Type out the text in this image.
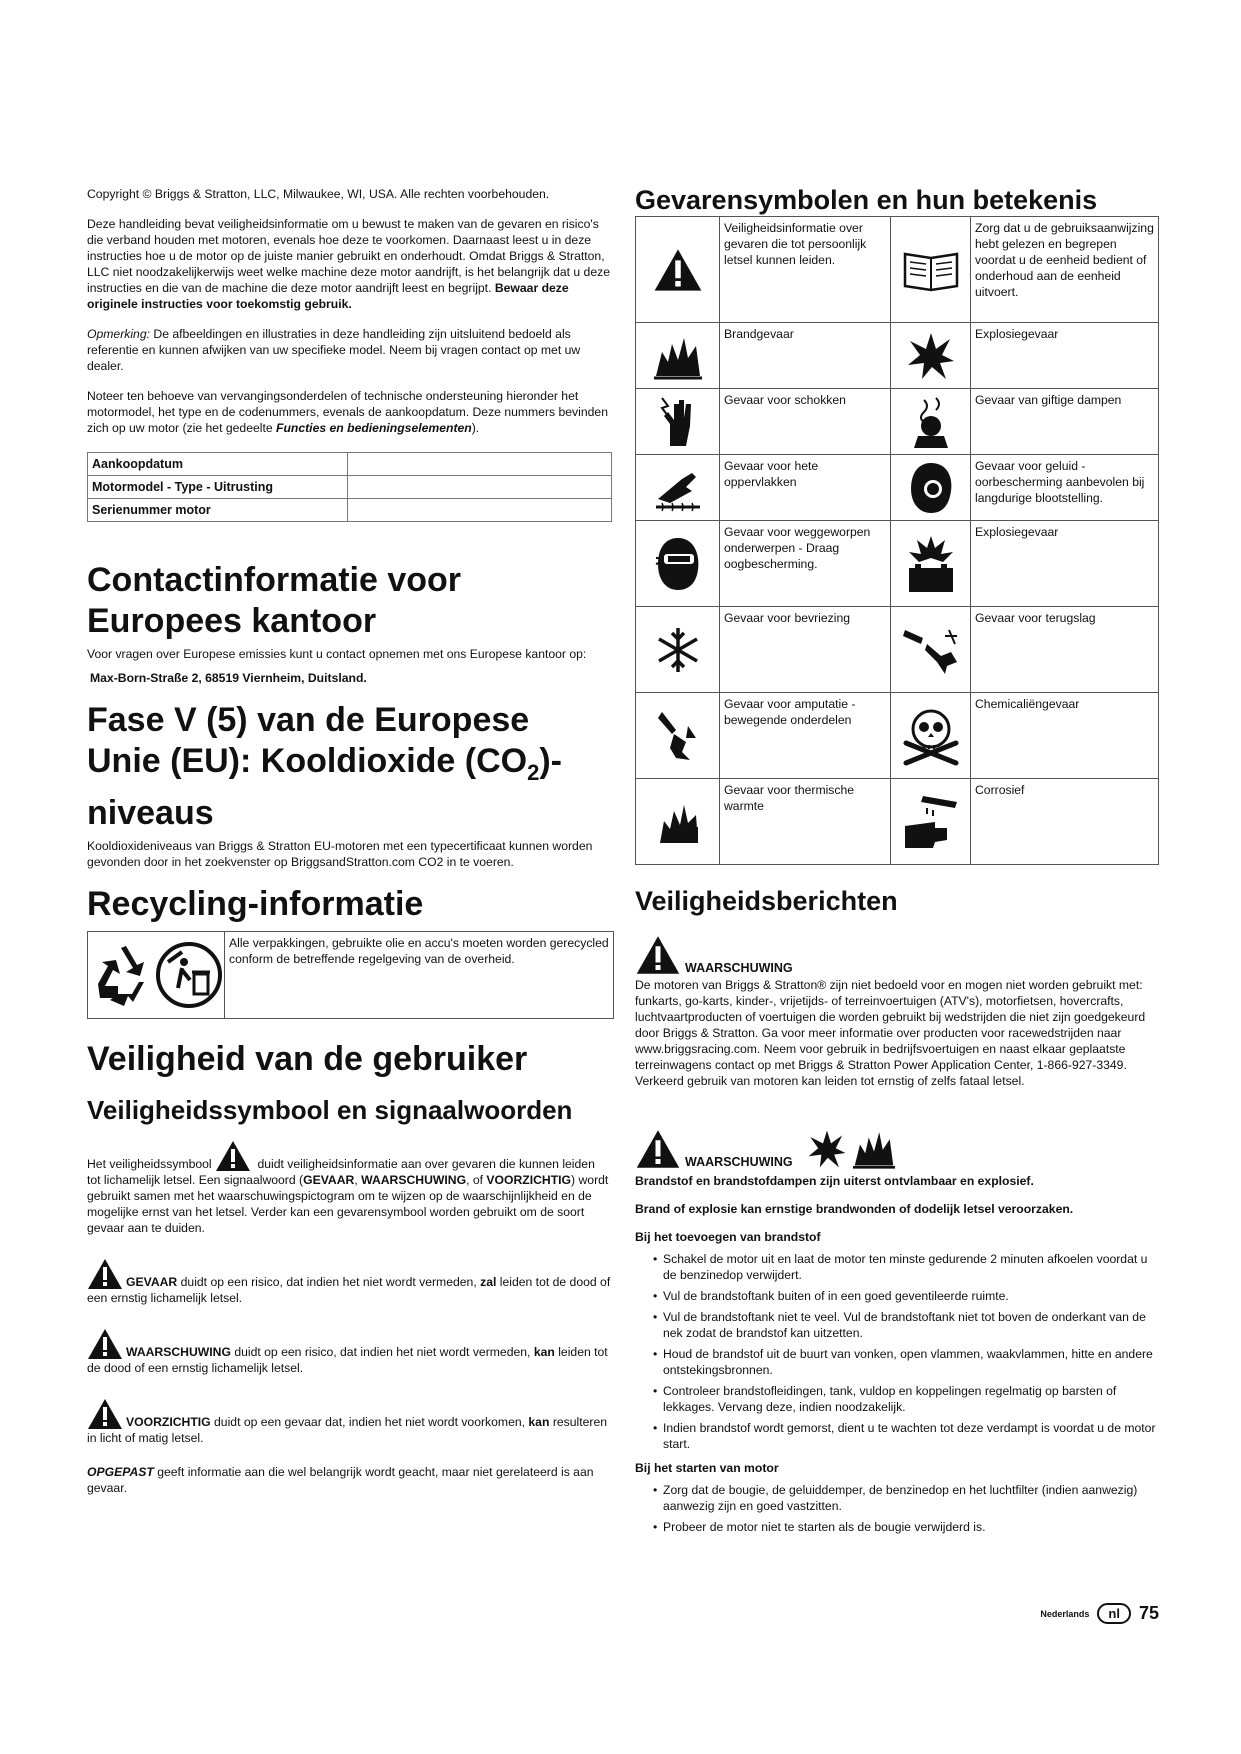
Copyright © Briggs & Stratton, LLC, Milwaukee, WI, USA. Alle rechten voorbehouden.

Deze handleiding bevat veiligheidsinformatie om u bewust te maken van de gevaren en risico's die verband houden met motoren, evenals hoe deze te voorkomen. Daarnaast leest u in deze instructies hoe u de motor op de juiste manier gebruikt en onderhoudt. Omdat Briggs & Stratton, LLC niet noodzakelijkerwijs weet welke machine deze motor aandrijft, is het belangrijk dat u deze instructies en die van de machine die deze motor aandrijft leest en begrijpt. Bewaar deze originele instructies voor toekomstig gebruik.

Opmerking: De afbeeldingen en illustraties in deze handleiding zijn uitsluitend bedoeld als referentie en kunnen afwijken van uw specifieke model. Neem bij vragen contact op met uw dealer.

Noteer ten behoeve van vervangingsonderdelen of technische ondersteuning hieronder het motormodel, het type en de codenummers, evenals de aankoopdatum. Deze nummers bevinden zich op uw motor (zie het gedeelte Functies en bedieningselementen).

Aankoopdatum	
Motormodel - Type - Uitrusting	
Serienummer motor	
Contactinformatie voor Europees kantoor

Voor vragen over Europese emissies kunt u contact opnemen met ons Europese kantoor op:

Max-Born-Straße 2, 68519 Viernheim, Duitsland.

Fase V (5) van de Europese Unie (EU): Kooldioxide $(CO_2)$-niveaus

Kooldioxideniveaus van Briggs & Stratton EU-motoren met een typecertificaat kunnen worden gevonden door in het zoekvenster op BriggsandStratton.com CO2 in te voeren.

Recycling-informatie
Alle verpakkingen, gebruikte olie en accu's moeten worden gerecycled conform de betreffende regelgeving van de overheid.
Veiligheid van de gebruiker
Veiligheidssymbool en signaalwoorden

Het veiligheidssymbool	duidt veiligheidsinformatie aan over gevaren die kunnen leiden tot lichamelijk letsel. Een signaalwoord (GEVAAR, WAARSCHUWING, of VOORZICHTIG) wordt gebruikt samen met het waarschuwingspictogram om te wijzen op de waarschijnlijkheid en de mogelijke ernst van het letsel. Verder kan een gevarensymbool worden gebruikt om de soort gevaar aan te duiden.

GEVAAR duidt op een risico, dat indien het niet wordt vermeden, zal leiden tot de dood of een ernstig lichamelijk letsel.

WAARSCHUWING duidt op een risico, dat indien het niet wordt vermeden, kan leiden tot de dood of een ernstig lichamelijk letsel.

VOORZICHTIG duidt op een gevaar dat, indien het niet wordt voorkomen, kan resulteren in licht of matig letsel.

OPGEPAST geeft informatie aan die wel belangrijk wordt geacht, maar niet gerelateerd is aan gevaar.

Gevarensymbolen en hun betekenis
	Veiligheidsinformatie over gevaren die tot persoonlijk letsel kunnen leiden.		Zorg dat u de gebruiksaanwijzing hebt gelezen en begrepen voordat u de eenheid bedient of onderhoud aan de eenheid uitvoert.

	Brandgevaar		Explosiegevaar

	Gevaar voor schokken		Gevaar van giftige dampen

	Gevaar voor hete oppervlakken		Gevaar voor geluid - oorbescherming aanbevolen bij langdurige blootstelling.

	Gevaar voor weggeworpen onderwerpen - Draag oogbescherming.		Explosiegevaar

	Gevaar voor bevriezing		Gevaar voor terugslag

	Gevaar voor amputatie - bewegende onderdelen		Chemicaliëngevaar

	Gevaar voor thermische warmte		Corrosief
Veiligheidsberichten
WAARSCHUWING

De motoren van Briggs & Stratton® zijn niet bedoeld voor en mogen niet worden gebruikt met: funkarts, go-karts, kinder-, vrijetijds- of terreinvoertuigen (ATV's), motorfietsen, hovercrafts, luchtvaartproducten of voertuigen die worden gebruikt bij wedstrijden die niet zijn goedgekeurd door Briggs & Stratton. Ga voor meer informatie over producten voor racewedstrijden naar www.briggsracing.com. Neem voor gebruik in bedrijfsvoertuigen en naast elkaar geplaatste terreinwagens contact op met Briggs & Stratton Power Application Center, 1-866-927-3349. Verkeerd gebruik van motoren kan leiden tot ernstig of zelfs fataal letsel.

WAARSCHUWING

Brandstof en brandstofdampen zijn uiterst ontvlambaar en explosief.

Brand of explosie kan ernstige brandwonden of dodelijk letsel veroorzaken.

Bij het toevoegen van brandstof

• Schakel de motor uit en laat de motor ten minste gedurende 2 minuten afkoelen voordat u de benzinedop verwijdert.
• Vul de brandstoftank buiten of in een goed geventileerde ruimte.
• Vul de brandstoftank niet te veel. Vul de brandstoftank niet tot boven de onderkant van de nek zodat de brandstof kan uitzetten.
• Houd de brandstof uit de buurt van vonken, open vlammen, waakvlammen, hitte en andere ontstekingsbronnen.
• Controleer brandstofleidingen, tank, vuldop en koppelingen regelmatig op barsten of lekkages. Vervang deze, indien noodzakelijk.
• Indien brandstof wordt gemorst, dient u te wachten tot deze verdampt is voordat u de motor start.

Bij het starten van motor

• Zorg dat de bougie, de geluiddemper, de benzinedop en het luchtfilter (indien aanwezig) aanwezig zijn en goed vastzitten.
• Probeer de motor niet te starten als de bougie verwijderd is.
Nederlands	nl	75
